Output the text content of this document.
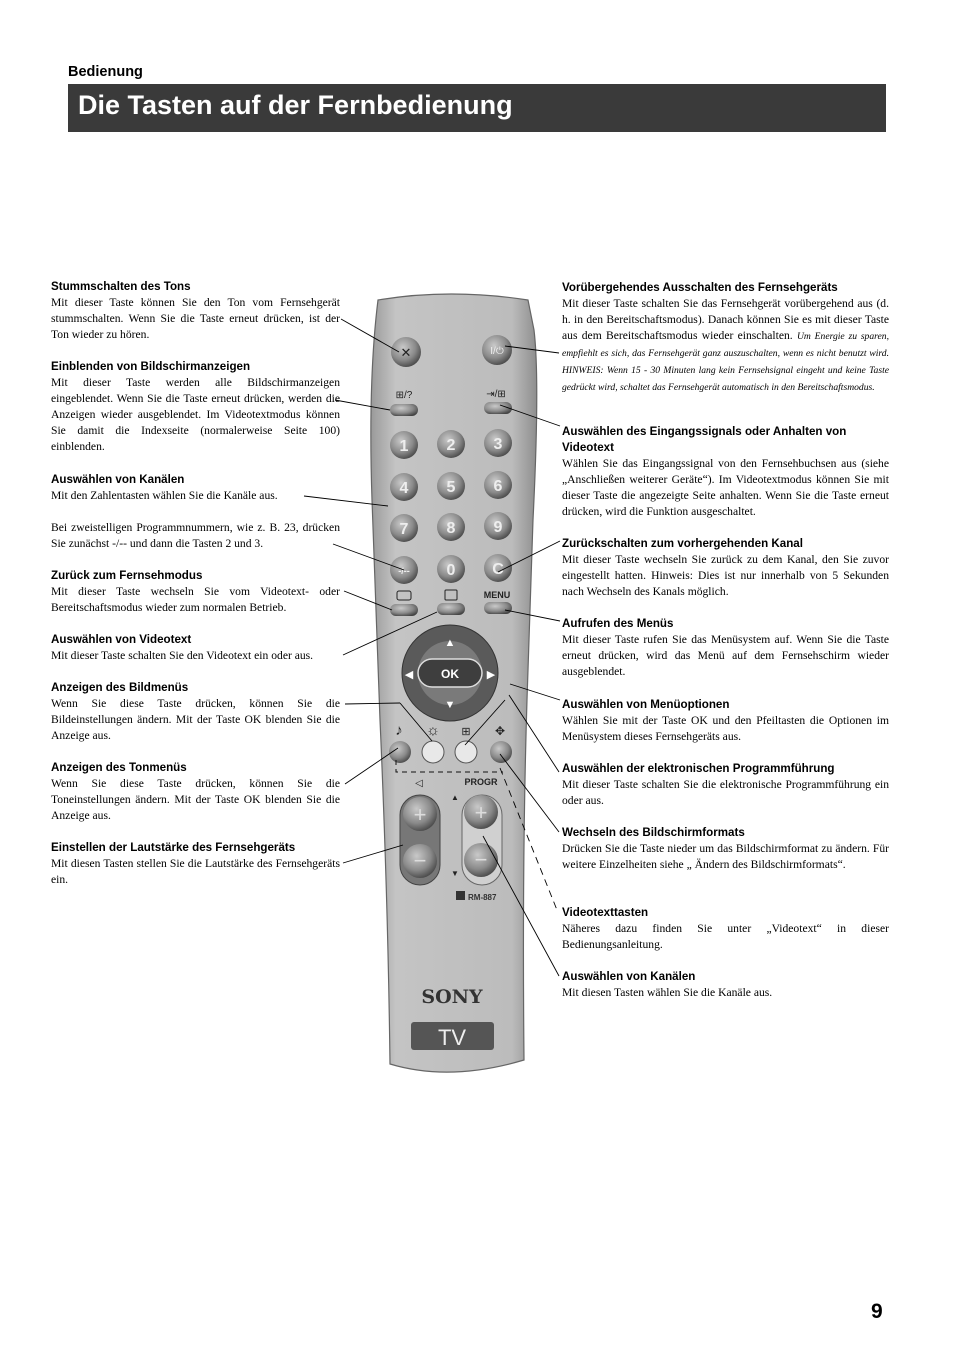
Bedienung
Die Tasten auf der Fernbedienung
Stummschalten des Tons

Mit dieser Taste können Sie den Ton vom Fernsehgerät stummschalten. Wenn Sie die Taste erneut drücken, ist der Ton wieder zu hören.

Einblenden von Bildschirmanzeigen

Mit dieser Taste werden alle Bildschirmanzeigen eingeblendet. Wenn Sie die Taste erneut drücken, werden die Anzeigen wieder ausgeblendet. Im Videotextmodus können Sie damit die Indexseite (normalerweise Seite 100) einblenden.

Auswählen von Kanälen

Mit den Zahlentasten wählen Sie die Kanäle aus.

Bei zweistelligen Programmnummern, wie z. B. 23, drücken Sie zunächst -/-- und dann die Tasten 2 und 3.

Zurück zum Fernsehmodus

Mit dieser Taste wechseln Sie vom Videotext- oder Bereitschaftsmodus wieder zum normalen Betrieb.

Auswählen von Videotext

Mit dieser Taste schalten Sie den Videotext ein oder aus.

Anzeigen des Bildmenüs

Wenn Sie diese Taste drücken, können Sie die Bildeinstellungen ändern. Mit der Taste OK blenden Sie die Anzeige aus.

Anzeigen des Tonmenüs

Wenn Sie diese Taste drücken, können Sie die Toneinstellungen ändern. Mit der Taste OK blenden Sie die Anzeige aus.

Einstellen der Lautstärke des Fernsehgeräts

Mit diesen Tasten stellen Sie die Lautstärke des Fernsehgeräts ein.

Vorübergehendes Ausschalten des Fernsehgeräts

Mit dieser Taste schalten Sie das Fernsehgerät vorübergehend aus (d. h. in den Bereitschaftsmodus). Danach können Sie es mit dieser Taste aus dem Bereitschaftsmodus wieder einschalten. Um Energie zu sparen, empfiehlt es sich, das Fernsehgerät ganz auszuschalten, wenn es nicht benutzt wird. HINWEIS: Wenn 15 - 30 Minuten lang kein Fernsehsignal eingeht und keine Taste gedrückt wird, schaltet das Fernsehgerät automatisch in den Bereitschaftsmodus.

Auswählen des Eingangssignals oder Anhalten von Videotext

Wählen Sie das Eingangssignal von den Fernsehbuchsen aus (siehe „Anschließen weiterer Geräte“). Im Videotextmodus können Sie mit dieser Taste die angezeigte Seite anhalten. Wenn Sie die Taste erneut drücken, wird die Funktion ausgeschaltet.

Zurückschalten zum vorhergehenden Kanal

Mit dieser Taste wechseln Sie zurück zu dem Kanal, den Sie zuvor eingestellt hatten. Hinweis: Dies ist nur innerhalb von 5 Sekunden nach Wechseln des Kanals möglich.

Aufrufen des Menüs

Mit dieser Taste rufen Sie das Menüsystem auf. Wenn Sie die Taste erneut drücken, wird das Menü auf dem Fernsehschirm wieder ausgeblendet.

Auswählen von Menüoptionen

Wählen Sie mit der Taste OK und den Pfeiltasten die Optionen im Menüsystem dieses Fernsehgeräts aus.

Auswählen der elektronischen Programmführung

Mit dieser Taste schalten Sie die elektronische Programmführung ein oder aus.

Wechseln des Bildschirmformats

Drücken Sie die Taste nieder um das Bildschirmformat zu ändern. Für weitere Einzelheiten siehe „ Ändern des Bildschirmformats“.

Videotexttasten

Näheres dazu finden Sie unter „Videotext“ in dieser Bedienungsanleitung.

Auswählen von Kanälen

Mit diesen Tasten wählen Sie die Kanäle aus.

✕	I/⏻
⊞/?	⇥/⊞
1 2 3
4 5 6
7 8 9
-/-- 0 C
MENU
OK
▲
▼
◀	▶
♪ ☼ ⊞ ✥
◁	PROGR
+
−
▲
+
−
▼
RM-887
SONY
TV
9
